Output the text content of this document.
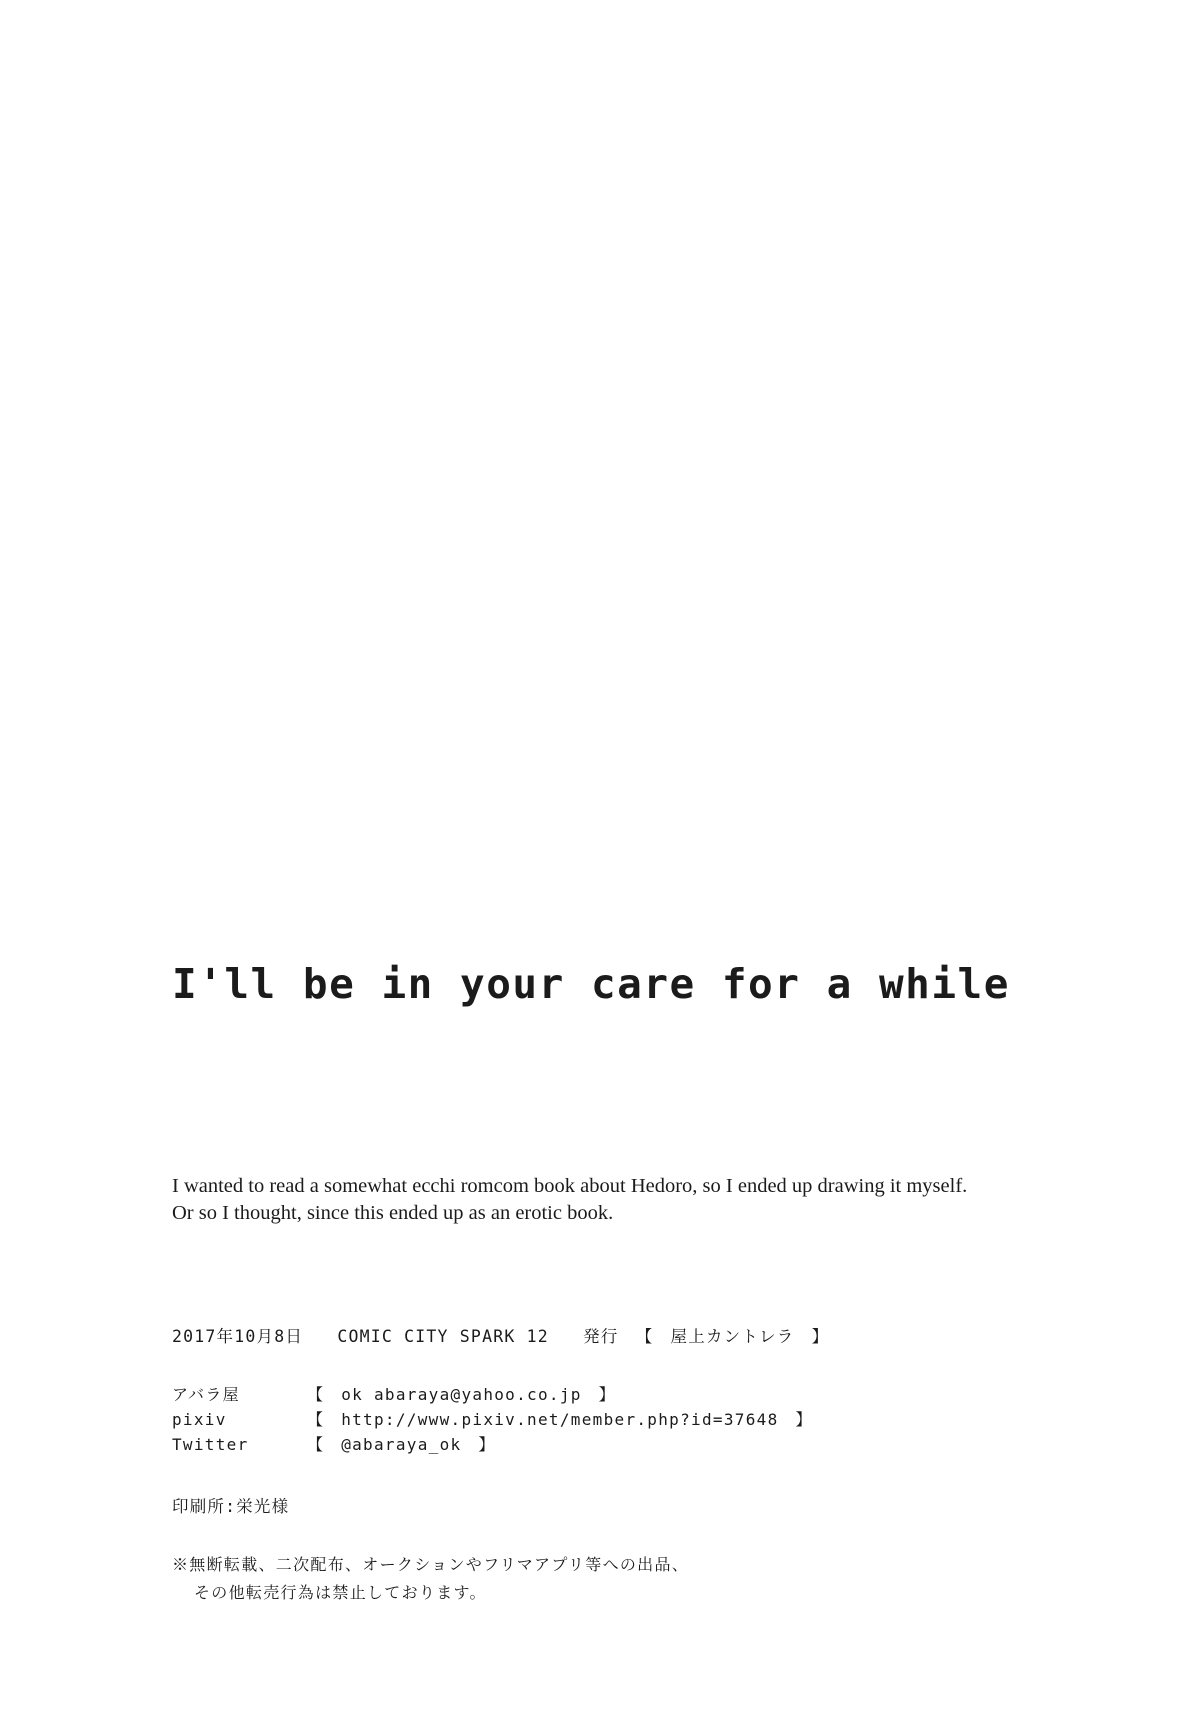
I'll be in your care for a while
I wanted to read a somewhat ecchi romcom book about Hedoro, so I ended up drawing it myself.
Or so I thought, since this ended up as an erotic book.
2017年10月8日 COMIC CITY SPARK 12 発行 【 屋上カントレラ 】
アバラ屋	【 ok abaraya@yahoo.co.jp 】
pixiv	【 http://www.pixiv.net/member.php?id=37648 】
Twitter	【 @abaraya_ok 】
印刷所:栄光様
※無断転載、二次配布、オークションやフリマアプリ等への出品、
その他転売行為は禁止しております。
